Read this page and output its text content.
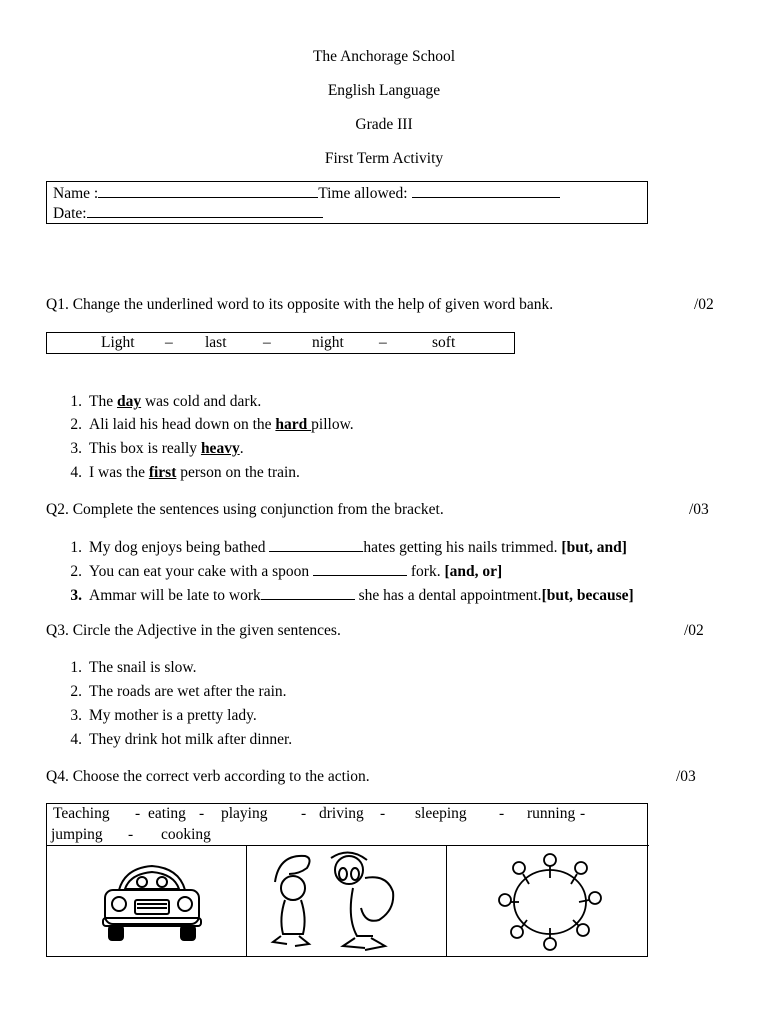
The Anchorage School
English Language
Grade III
First Term Activity
Name :	Time allowed:
Date:
Q1. Change the underlined word to its opposite with the help of given word bank.	/02
Light – last –	night –	soft
1. The day was cold and dark.
2. Ali laid his head down on the hard pillow.
3. This box is really heavy.
4. I was the first person on the train.
Q2. Complete the sentences using conjunction from the bracket.	/03
1. My dog enjoys being bathed	hates getting his nails trimmed. [but, and]
2. You can eat your cake with a spoon	fork. [and, or]
3. Ammar will be late to work	she has a dental appointment.[but, because]
Q3. Circle the Adjective in the given sentences.	/02
1. The snail is slow.
2. The roads are wet after the rain.
3. My mother is a pretty lady.
4. They drink hot milk after dinner.
Q4. Choose the correct verb according to the action.	/03
Teaching - eating - playing - driving - sleeping - running -
jumping - cooking
